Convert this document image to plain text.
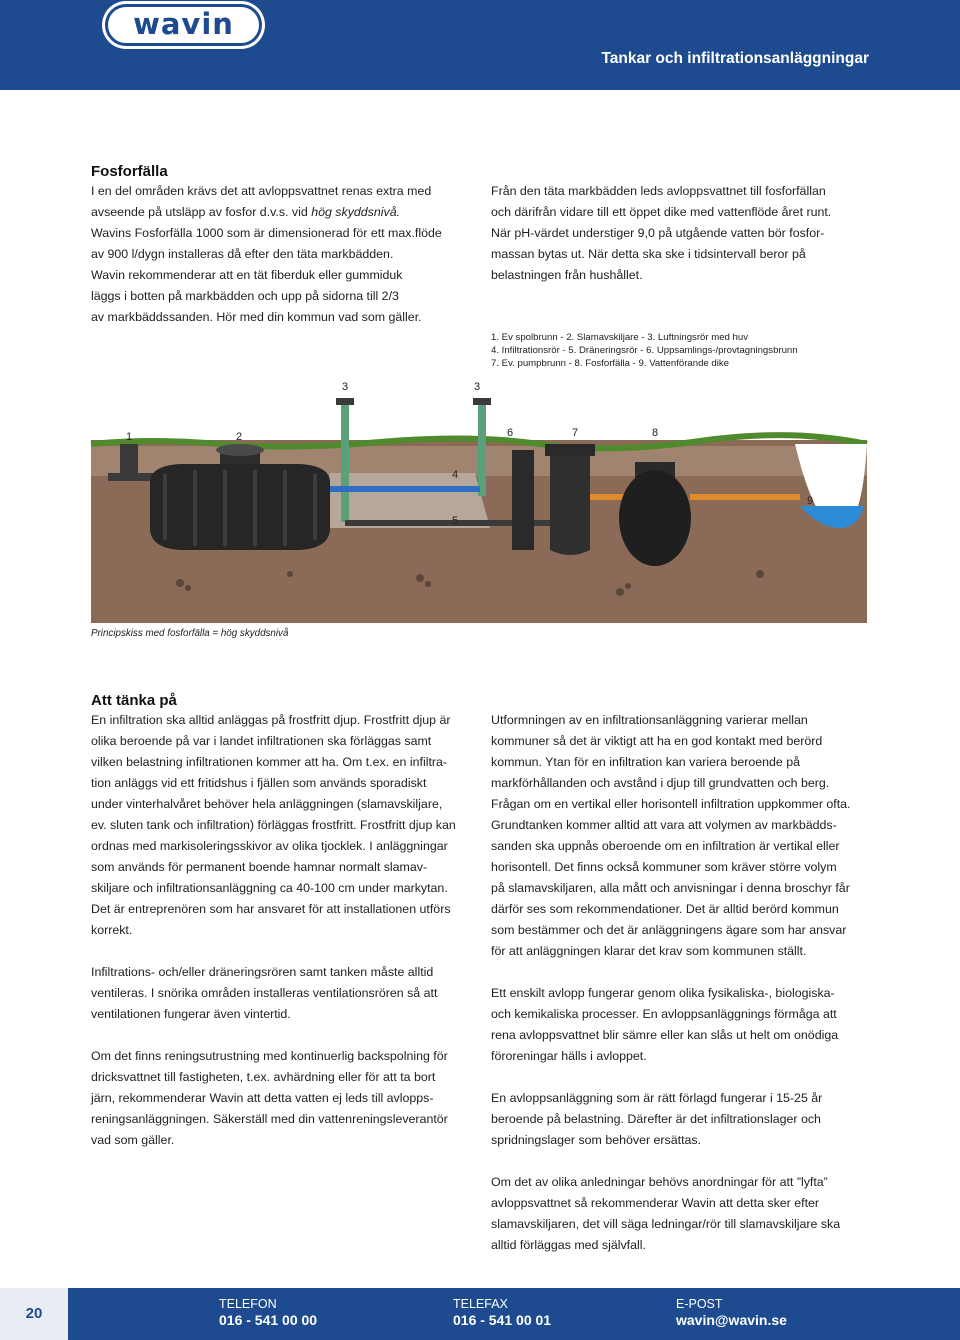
wavin
Tankar och infiltrationsanläggningar
Fosforfälla

I en del områden krävs det att avloppsvattnet renas extra med

avseende på utsläpp av fosfor d.v.s. vid hög skyddsnivå.

Wavins Fosforfälla 1000 som är dimensionerad för ett max.flöde

av 900 l/dygn installeras då efter den täta markbädden.

Wavin rekommenderar att en tät fiberduk eller gummiduk

läggs i botten på markbädden och upp på sidorna till 2/3

av markbäddssanden. Hör med din kommun vad som gäller.

Från den täta markbädden leds avloppsvattnet till fosforfällan

och därifrån vidare till ett öppet dike med vattenflöde året runt.

När pH-värdet understiger 9,0 på utgående vatten bör fosfor-

massan bytas ut. När detta ska ske i tidsintervall beror på

belastningen från hushållet.

1. Ev spolbrunn - 2. Slamavskiljare - 3. Luftningsrör med huv
4. Infiltrationsrör - 5. Dräneringsrör - 6. Uppsamlings-/provtagningsbrunn
7. Ev. pumpbrunn - 8. Fosforfälla - 9. Vattenförande dike
1	2
3	3
4
5
6	7	8
9
Principskiss med fosforfälla = hög skyddsnivå
Att tänka på

En infiltration ska alltid anläggas på frostfritt djup. Frostfritt djup är

olika beroende på var i landet infiltrationen ska förläggas samt

vilken belastning infiltrationen kommer att ha. Om t.ex. en infiltra-

tion anläggs vid ett fritidshus i fjällen som används sporadiskt

under vinterhalvåret behöver hela anläggningen (slamavskiljare,

ev. sluten tank och infiltration) förläggas frostfritt. Frostfritt djup kan

ordnas med markisoleringsskivor av olika tjocklek. I anläggningar

som används för permanent boende hamnar normalt slamav-

skiljare och infiltrationsanläggning ca 40-100 cm under markytan.

Det är entreprenören som har ansvaret för att installationen utförs

korrekt.

Infiltrations- och/eller dräneringsrören samt tanken måste alltid

ventileras. I snörika områden installeras ventilationsrören så att

ventilationen fungerar även vintertid.

Om det finns reningsutrustning med kontinuerlig backspolning för

dricksvattnet till fastigheten, t.ex. avhärdning eller för att ta bort

järn, rekommenderar Wavin att detta vatten ej leds till avlopps-

reningsanläggningen. Säkerställ med din vattenreningsleverantör

vad som gäller.

Utformningen av en infiltrationsanläggning varierar mellan

kommuner så det är viktigt att ha en god kontakt med berörd

kommun. Ytan för en infiltration kan variera beroende på

markförhållanden och avstånd i djup till grundvatten och berg.

Frågan om en vertikal eller horisontell infiltration uppkommer ofta.

Grundtanken kommer alltid att vara att volymen av markbädds-

sanden ska uppnås oberoende om en infiltration är vertikal eller

horisontell. Det finns också kommuner som kräver större volym

på slamavskiljaren, alla mått och anvisningar i denna broschyr får

därför ses som rekommendationer. Det är alltid berörd kommun

som bestämmer och det är anläggningens ägare som har ansvar

för att anläggningen klarar det krav som kommunen ställt.

Ett enskilt avlopp fungerar genom olika fysikaliska-, biologiska-

och kemikaliska processer. En avloppsanläggnings förmåga att

rena avloppsvattnet blir sämre eller kan slås ut helt om onödiga

föroreningar hälls i avloppet.

En avloppsanläggning som är rätt förlagd fungerar i 15-25 år

beroende på belastning. Därefter är det infiltrationslager och

spridningslager som behöver ersättas.

Om det av olika anledningar behövs anordningar för att ”lyfta”

avloppsvattnet så rekommenderar Wavin att detta sker efter

slamavskiljaren, det vill säga ledningar/rör till slamavskiljare ska

alltid förläggas med självfall.

20
TELEFON
016 - 541 00 00
TELEFAX
016 - 541 00 01
E-POST
wavin@wavin.se
